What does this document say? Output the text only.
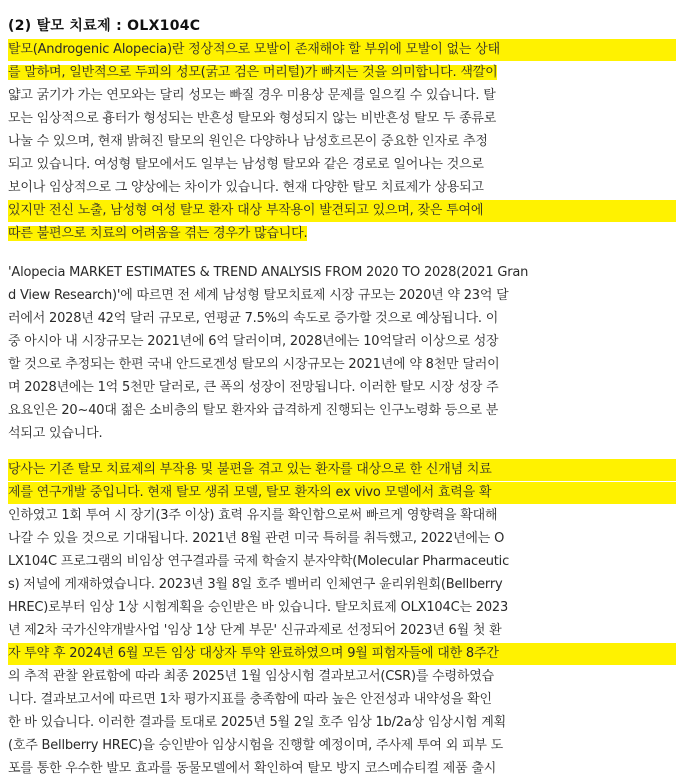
(2) 탈모 치료제 : OLX104C
탈모(Androgenic Alopecia)란 정상적으로 모발이 존재해야 할 부위에 모발이 없는 상태
를 말하며, 일반적으로 두피의 성모(굵고 검은 머리털)가 빠지는 것을 의미합니다. 색깔이
얇고 굵기가 가는 연모와는 달리 성모는 빠질 경우 미용상 문제를 일으킬 수 있습니다. 탈
모는 임상적으로 흉터가 형성되는 반흔성 탈모와 형성되지 않는 비반흔성 탈모 두 종류로
나눌 수 있으며, 현재 밝혀진 탈모의 원인은 다양하나 남성호르몬이 중요한 인자로 추정
되고 있습니다. 여성형 탈모에서도 일부는 남성형 탈모와 같은 경로로 일어나는 것으로
보이나 임상적으로 그 양상에는 차이가 있습니다. 현재 다양한 탈모 치료제가 상용되고
있지만 전신 노출, 남성형 여성 탈모 환자 대상 부작용이 발견되고 있으며, 잦은 투여에
따른 불편으로 치료의 어려움을 겪는 경우가 많습니다.
'Alopecia MARKET ESTIMATES & TREND ANALYSIS FROM 2020 TO 2028(2021 Gran
d View Research)'에 따르면 전 세계 남성형 탈모치료제 시장 규모는 2020년 약 23억 달
러에서 2028년 42억 달러 규모로, 연평균 7.5%의 속도로 증가할 것으로 예상됩니다. 이
중 아시아 내 시장규모는 2021년에 6억 달러이며, 2028년에는 10억달러 이상으로 성장
할 것으로 추정되는 한편 국내 안드로겐성 탈모의 시장규모는 2021년에 약 8천만 달러이
며 2028년에는 1억 5천만 달러로, 큰 폭의 성장이 전망됩니다. 이러한 탈모 시장 성장 주
요요인은 20~40대 젊은 소비층의 탈모 환자와 급격하게 진행되는 인구노령화 등으로 분
석되고 있습니다.
당사는 기존 탈모 치료제의 부작용 및 불편을 겪고 있는 환자를 대상으로 한 신개념 치료
제를 연구개발 중입니다. 현재 탈모 생쥐 모델, 탈모 환자의 ex vivo 모델에서 효력을 확
인하였고 1회 투여 시 장기(3주 이상) 효력 유지를 확인함으로써 빠르게 영향력을 확대해
나갈 수 있을 것으로 기대됩니다. 2021년 8월 관련 미국 특허를 취득했고, 2022년에는 O
LX104C 프로그램의 비임상 연구결과를 국제 학술지 분자약학(Molecular Pharmaceutic
s) 저널에 게재하였습니다. 2023년 3월 8일 호주 벨버리 인체연구 윤리위원회(Bellberry
HREC)로부터 임상 1상 시험계획을 승인받은 바 있습니다. 탈모치료제 OLX104C는 2023
년 제2차 국가신약개발사업 '임상 1상 단계 부문' 신규과제로 선정되어 2023년 6월 첫 환
자 투약 후 2024년 6월 모든 임상 대상자 투약 완료하였으며 9월 피험자들에 대한 8주간
의 추적 관찰 완료함에 따라 최종 2025년 1월 임상시험 결과보고서(CSR)를 수령하였습
니다. 결과보고서에 따르면 1차 평가지표를 충족함에 따라 높은 안전성과 내약성을 확인
한 바 있습니다. 이러한 결과를 토대로 2025년 5월 2일 호주 임상 1b/2a상 임상시험 계획
(호주 Bellberry HREC)을 승인받아 임상시험을 진행할 예정이며, 주사제 투여 외 피부 도
포를 통한 우수한 발모 효과를 동물모델에서 확인하여 탈모 방지 코스메슈티컬 제품 출시
